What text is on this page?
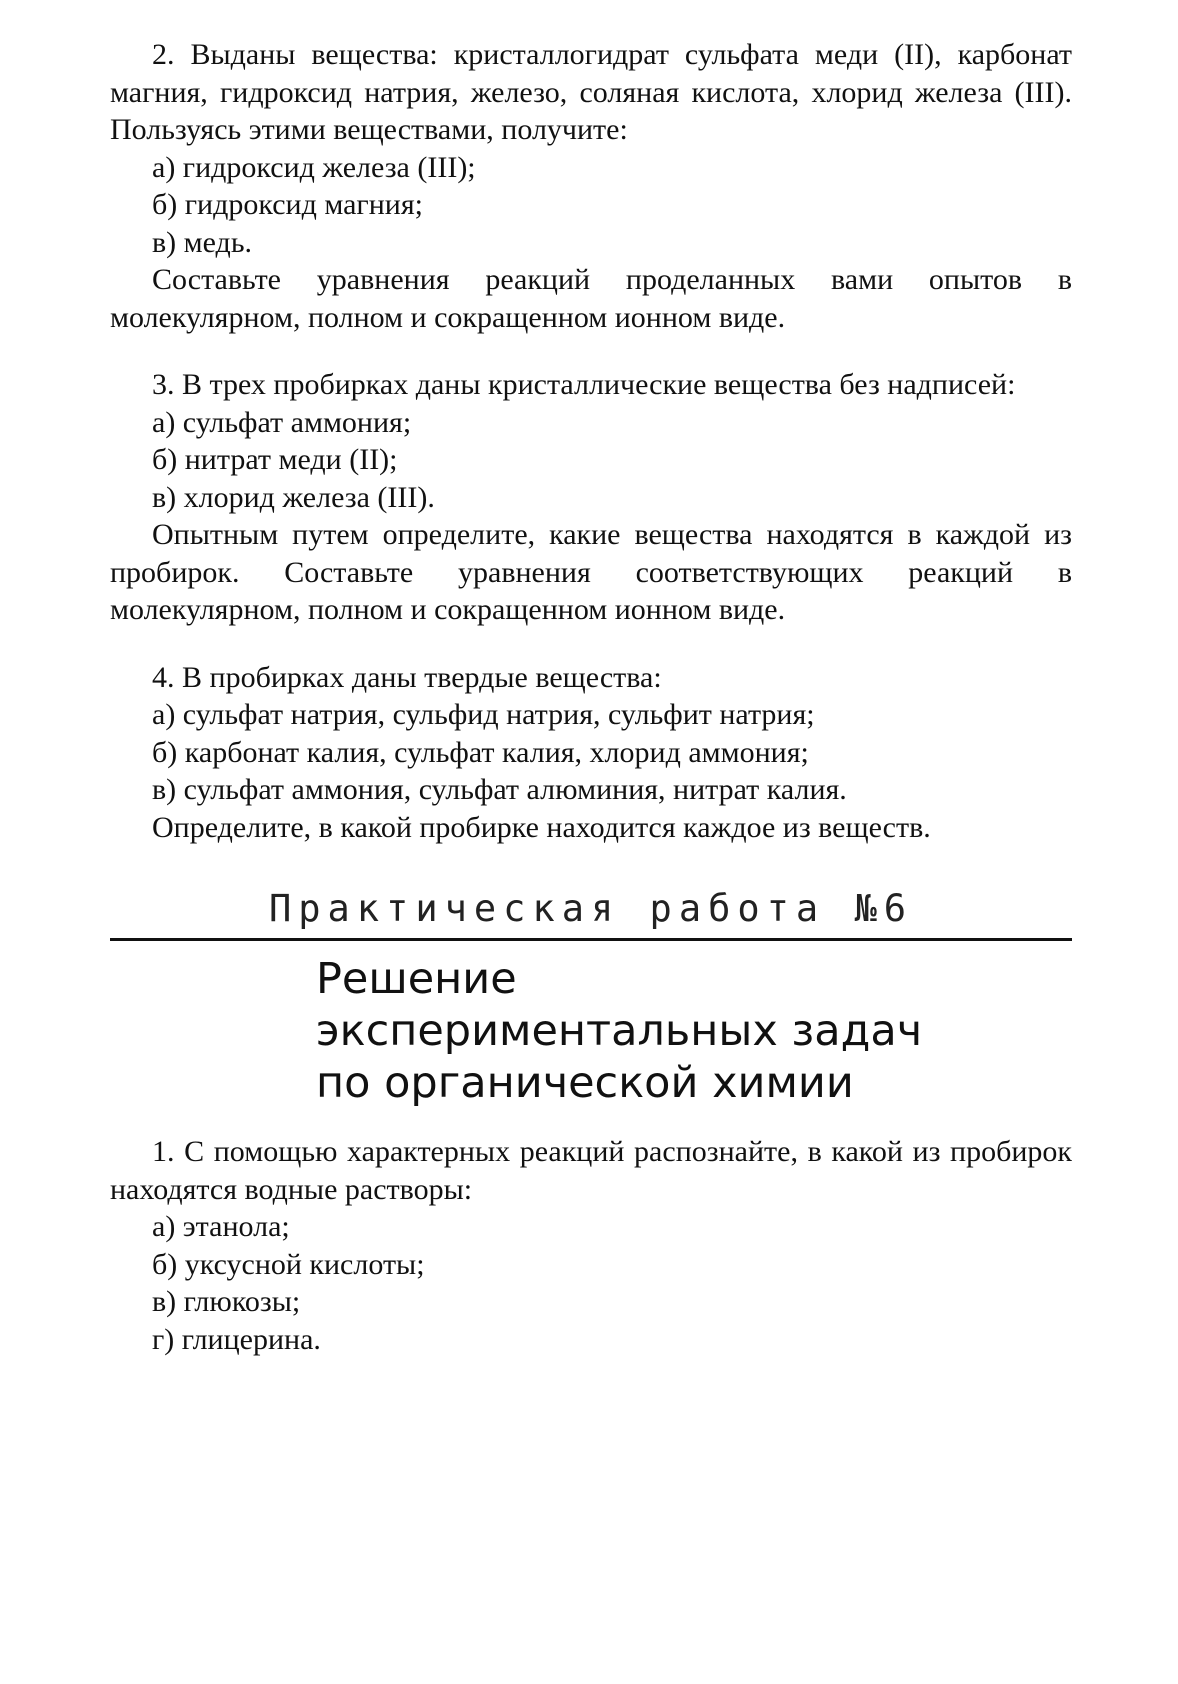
2. Выданы вещества: кристаллогидрат сульфата меди (II), карбонат магния, гидроксид натрия, железо, соляная кислота, хлорид железа (III). Пользуясь этими веществами, получите:

а) гидроксид железа (III);

б) гидроксид магния;

в) медь.

Составьте уравнения реакций проделанных вами опытов в молекулярном, полном и сокращенном ионном виде.

3. В трех пробирках даны кристаллические вещества без надписей:

а) сульфат аммония;

б) нитрат меди (II);

в) хлорид железа (III).

Опытным путем определите, какие вещества находятся в каждой из пробирок. Составьте уравнения соответствующих реакций в молекулярном, полном и сокращенном ионном виде.

4. В пробирках даны твердые вещества:

а) сульфат натрия, сульфид натрия, сульфит натрия;

б) карбонат калия, сульфат калия, хлорид аммония;

в) сульфат аммония, сульфат алюминия, нитрат калия.

Определите, в какой пробирке находится каждое из веществ.

Практическая работа №6
Решение
экспериментальных задач
по органической химии

1. С помощью характерных реакций распознайте, в какой из пробирок находятся водные растворы:

а) этанола;

б) уксусной кислоты;

в) глюкозы;

г) глицерина.
